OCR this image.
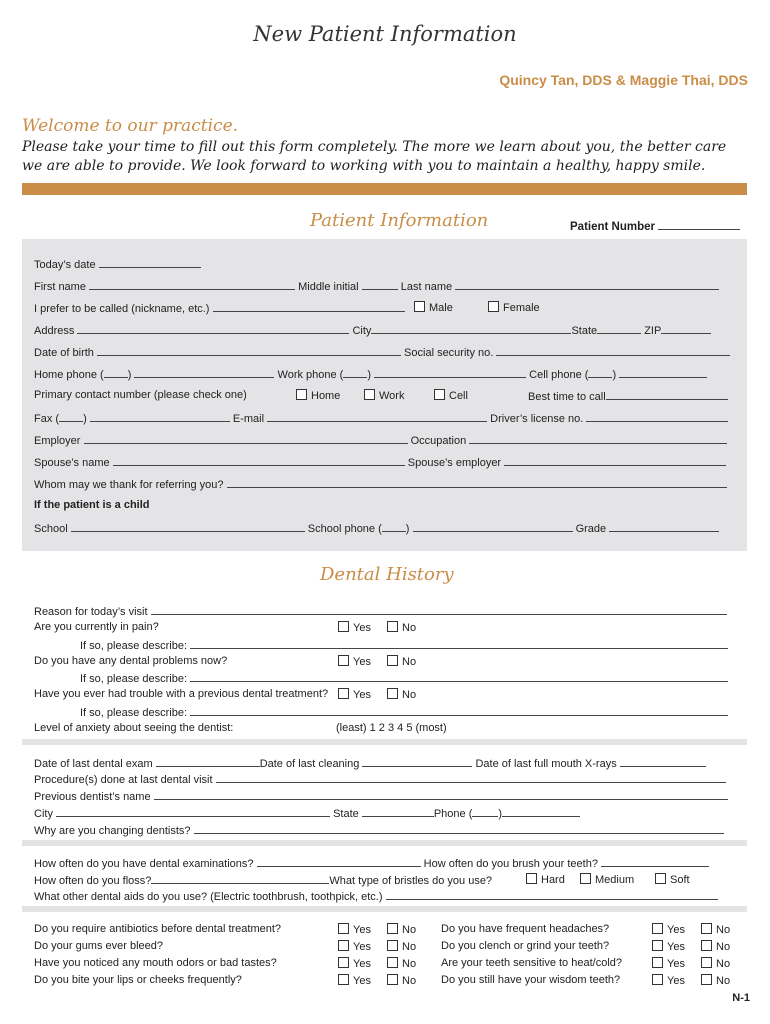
New Patient Information
Quincy Tan, DDS & Maggie Thai, DDS
Welcome to our practice.
Please take your time to fill out this form completely. The more we learn about you, the better care we are able to provide. We look forward to working with you to maintain a healthy, happy smile.
Patient Information	Patient Number
Today’s date
First name	Middle initial	Last name
I prefer to be called (nickname, etc.)	Male	Female
Address	City	State	ZIP
Date of birth	Social security no.
Home phone ( )	Work phone ( )	Cell phone ( )
Primary contact number (please check one)	Home	Work	Cell	Best time to call
Fax ( )	E-mail	Driver’s license no.
Employer	Occupation
Spouse’s name	Spouse’s employer
Whom may we thank for referring you?
If the patient is a child
School	School phone ( )	Grade
Dental History
Reason for today’s visit
Are you currently in pain?	Yes	No
If so, please describe:
Do you have any dental problems now?	Yes	No
If so, please describe:
Have you ever had trouble with a previous dental treatment?	Yes	No
If so, please describe:
Level of anxiety about seeing the dentist:	(least) 1 2 3 4 5 (most)
Date of last dental exam	Date of last cleaning	Date of last full mouth X-rays
Procedure(s) done at last dental visit
Previous dentist’s name
City	State	Phone ( )
Why are you changing dentists?
How often do you have dental examinations?	How often do you brush your teeth?
How often do you floss?	What type of bristles do you use?	Hard	Medium	Soft
What other dental aids do you use? (Electric toothbrush, toothpick, etc.)
Do you require antibiotics before dental treatment?	Yes	No Do you have frequent headaches?	Yes	No
Do your gums ever bleed?	Yes	No Do you clench or grind your teeth?	Yes	No
Have you noticed any mouth odors or bad tastes?	Yes	No Are your teeth sensitive to heat/cold?	Yes	No
Do you bite your lips or cheeks frequently?	Yes	No Do you still have your wisdom teeth?	Yes	No
N-1
